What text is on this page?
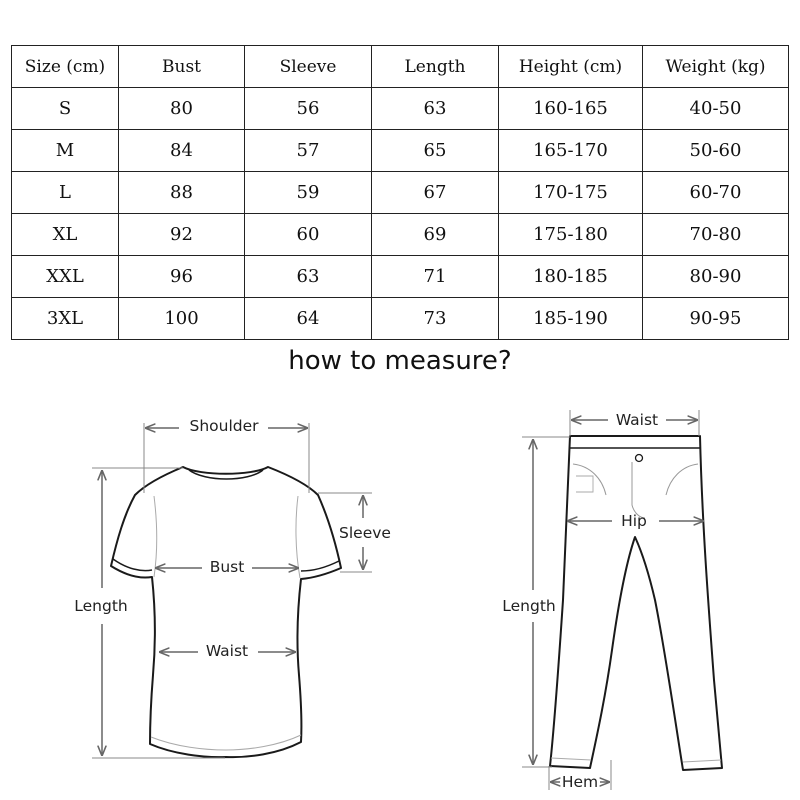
Size (cm)	Bust	Sleeve	Length	Height (cm)	Weight (kg)
S	80	56	63	160-165	40-50
M	84	57	65	165-170	50-60
L	88	59	67	170-175	60-70
XL	92	60	69	175-180	70-80
XXL	96	63	71	180-185	80-90
3XL	100	64	73	185-190	90-95
how to measure?
Shoulder
Sleeve
Bust
Length
Waist
Waist
Hip
Length
Hem
